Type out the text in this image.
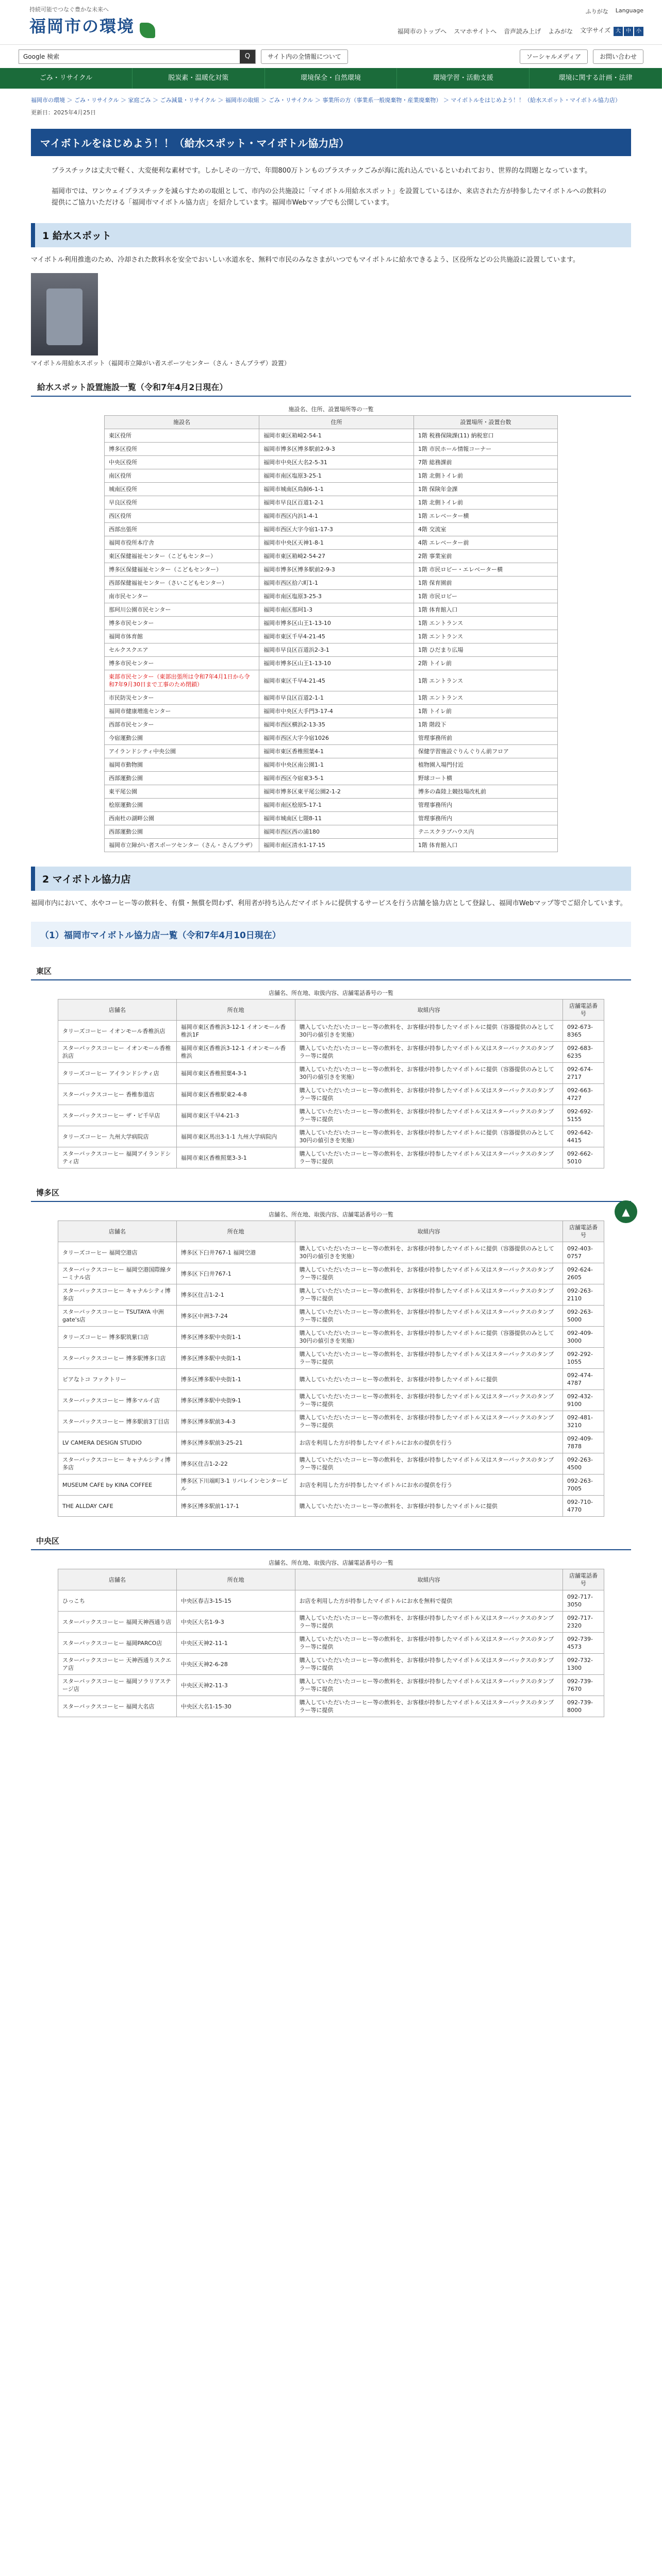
持続可能でつなぐ豊かな未来へ
福岡市の環境
ふりがな Language
福岡市のトップへ スマホサイトへ 音声読み上げ よみがな 文字サイズ 大 中 小
Google 検索	Q	サイト内の全情報について	ソーシャルメディア	お問い合わせ
ごみ・リサイクル	脱炭素・温暖化対策	環境保全・自然環境	環境学習・活動支援	環境に関する計画・法律
福岡市の環境 ＞ ごみ・リサイクル ＞ 家庭ごみ ＞ ごみ減量・リサイクル ＞ 福岡市の取組 ＞ ごみ・リサイクル ＞ 事業所の方（事業系一般廃棄物・産業廃棄物） ＞ マイボトルをはじめよう！！（給水スポット・マイボトル協力店）
更新日：2025年4月25日
マイボトルをはじめよう！！（給水スポット・マイボトル協力店）

プラスチックは丈夫で軽く、大変便利な素材です。しかしその一方で、年間800万トンものプラスチックごみが海に流れ込んでいるといわれており、世界的な問題となっています。

福岡市では、ワンウェイプラスチックを減らすための取組として、市内の公共施設に「マイボトル用給水スポット」を設置しているほか、来店された方が持参したマイボトルへの飲料の提供にご協力いただける「福岡市マイボトル協力店」を紹介しています。福岡市Webマップでも公開しています。

1 給水スポット

マイボトル利用推進のため、冷却された飲料水を安全でおいしい水道水を、無料で市民のみなさまがいつでもマイボトルに給水できるよう、区役所などの公共施設に設置しています。

マイボトル用給水スポット（福岡市立障がい者スポーツセンター（さん・さんプラザ）設置）
給水スポット設置施設一覧（令和7年4月2日現在）
施設名、住所、設置場所等の一覧
施設名	住所	設置場所・設置台数
東区役所	福岡市東区箱崎2-54-1	1階 税務保険課(11) 納税窓口
博多区役所	福岡市博多区博多駅前2-9-3	1階 市民ホール情報コーナー
中央区役所	福岡市中央区大名2-5-31	7階 総務課前
南区役所	福岡市南区塩原3-25-1	1階 北側トイレ前
城南区役所	福岡市城南区鳥飼6-1-1	1階 保険年金課
早良区役所	福岡市早良区百道1-2-1	1階 北側トイレ前
西区役所	福岡市西区内浜1-4-1	1階 エレベーター横
西部出張所	福岡市西区大字今宿1-17-3	4階 交流室
福岡市役所本庁舎	福岡市中央区天神1-8-1	4階 エレベーター前
東区保健福祉センター（こどもセンター）	福岡市東区箱崎2-54-27	2階 事業室前
博多区保健福祉センター（こどもセンター）	福岡市博多区博多駅前2-9-3	1階 市民ロビー・エレベーター横
西部保健福祉センター（さいこどもセンター）	福岡市西区拾六町1-1	1階 保育園前
南市民センター	福岡市南区塩原3-25-3	1階 市民ロビー
那珂川公園市民センター	福岡市南区那珂1-3	1階 体育館入口
博多市民センター	福岡市博多区山王1-13-10	1階 エントランス
福岡市体育館	福岡市東区千早4-21-45	1階 エントランス
セルクスクエア	福岡市早良区百道浜2-3-1	1階 ひだまり広場
博多市民センター	福岡市博多区山王1-13-10	2階 トイレ前
東部市民センター（東部出張所は令和7年4月1日から令和7年9月30日まで工事のため閉鎖）	福岡市東区千早4-21-45	1階 エントランス
市民防災センター	福岡市早良区百道2-1-1	1階 エントランス
福岡市健康増進センター	福岡市中央区大手門3-17-4	1階 トイレ前
西部市民センター	福岡市西区横浜2-13-35	1階 階段下
今宿運動公園	福岡市西区大字今宿1026	管理事務所前
アイランドシティ中央公園	福岡市東区香椎照葉4-1	保健学習施設ぐりんぐりん前フロア
福岡市動物園	福岡市中央区南公園1-1	植物園入場門付近
西部運動公園	福岡市西区今宿東3-5-1	野球コート横
東平尾公園	福岡市博多区東平尾公園2-1-2	博多の森陸上競技場改札前
桧原運動公園	福岡市南区桧原5-17-1	管理事務所内
西南杜の湖畔公園	福岡市城南区七隈8-11	管理事務所内
西部運動公園	福岡市西区西の浦180	テニスクラブハウス内
福岡市立障がい者スポーツセンター（さん・さんプラザ）	福岡市南区清水1-17-15	1階 体育館入口
2 マイボトル協力店

福岡市内において、水やコーヒー等の飲料を、有償・無償を問わず、利用者が持ち込んだマイボトルに提供するサービスを行う店舗を協力店として登録し、福岡市Webマップ等でご紹介しています。

（1）福岡市マイボトル協力店一覧（令和7年4月10日現在）
東区
店舗名、所在地、取扱内容、店舗電話番号の一覧
店舗名	所在地	取組内容	店舗電話番号
タリーズコーヒー イオンモール香椎浜店	福岡市東区香椎浜3-12-1 イオンモール香椎浜1F	購入していただいたコーヒー等の飲料を、お客様が持参したマイボトルに提供（容器提供のみとして30円の値引きを実施）	092-673-8365
スターバックスコーヒー イオンモール香椎浜店	福岡市東区香椎浜3-12-1 イオンモール香椎浜	購入していただいたコーヒー等の飲料を、お客様が持参したマイボトル又はスターバックスのタンブラー等に提供	092-683-6235
タリーズコーヒー アイランドシティ店	福岡市東区香椎照葉4-3-1	購入していただいたコーヒー等の飲料を、お客様が持参したマイボトルに提供（容器提供のみとして30円の値引きを実施）	092-674-2717
スターバックスコーヒー 香椎参道店	福岡市東区香椎駅東2-4-8	購入していただいたコーヒー等の飲料を、お客様が持参したマイボトル又はスターバックスのタンブラー等に提供	092-663-4727
スターバックスコーヒー ザ・ビ千早店	福岡市東区千早4-21-3	購入していただいたコーヒー等の飲料を、お客様が持参したマイボトル又はスターバックスのタンブラー等に提供	092-692-5155
タリーズコーヒー 九州大学病院店	福岡市東区馬出3-1-1 九州大学病院内	購入していただいたコーヒー等の飲料を、お客様が持参したマイボトルに提供（容器提供のみとして30円の値引きを実施）	092-642-4415
スターバックスコーヒー 福岡アイランドシティ店	福岡市東区香椎照葉3-3-1	購入していただいたコーヒー等の飲料を、お客様が持参したマイボトル又はスターバックスのタンブラー等に提供	092-662-5010
博多区
店舗名、所在地、取扱内容、店舗電話番号の一覧
店舗名	所在地	取組内容	店舗電話番号
タリーズコーヒー 福岡空港店	博多区下臼井767-1 福岡空港	購入していただいたコーヒー等の飲料を、お客様が持参したマイボトルに提供（容器提供のみとして30円の値引きを実施）	092-403-0757
スターバックスコーヒー 福岡空港国際線ターミナル店	博多区下臼井767-1	購入していただいたコーヒー等の飲料を、お客様が持参したマイボトル又はスターバックスのタンブラー等に提供	092-624-2605
スターバックスコーヒー キャナルシティ博多店	博多区住吉1-2-1	購入していただいたコーヒー等の飲料を、お客様が持参したマイボトル又はスターバックスのタンブラー等に提供	092-263-2110
スターバックスコーヒー TSUTAYA 中洲gate's店	博多区中洲3-7-24	購入していただいたコーヒー等の飲料を、お客様が持参したマイボトル又はスターバックスのタンブラー等に提供	092-263-5000
タリーズコーヒー 博多駅筑紫口店	博多区博多駅中央街1-1	購入していただいたコーヒー等の飲料を、お客様が持参したマイボトルに提供（容器提供のみとして30円の値引きを実施）	092-409-3000
スターバックスコーヒー 博多駅博多口店	博多区博多駅中央街1-1	購入していただいたコーヒー等の飲料を、お客様が持参したマイボトル又はスターバックスのタンブラー等に提供	092-292-1055
ピアなトコ ファクトリー	博多区博多駅中央街1-1	購入していただいたコーヒー等の飲料を、お客様が持参したマイボトルに提供	092-474-4787
スターバックスコーヒー 博多マルイ店	博多区博多駅中央街9-1	購入していただいたコーヒー等の飲料を、お客様が持参したマイボトル又はスターバックスのタンブラー等に提供	092-432-9100
スターバックスコーヒー 博多駅前3丁目店	博多区博多駅前3-4-3	購入していただいたコーヒー等の飲料を、お客様が持参したマイボトル又はスターバックスのタンブラー等に提供	092-481-3210
LV CAMERA DESIGN STUDIO	博多区博多駅前3-25-21	お店を利用した方が持参したマイボトルにお水の提供を行う	092-409-7878
スターバックスコーヒー キャナルシティ博多店	博多区住吉1-2-22	購入していただいたコーヒー等の飲料を、お客様が持参したマイボトル又はスターバックスのタンブラー等に提供	092-263-4500
MUSEUM CAFE by KINA COFFEE	博多区下川端町3-1 リバレインセンタービル	お店を利用した方が持参したマイボトルにお水の提供を行う	092-263-7005
THE ALLDAY CAFE	博多区博多駅前1-17-1	購入していただいたコーヒー等の飲料を、お客様が持参したマイボトルに提供	092-710-4770
中央区
店舗名、所在地、取扱内容、店舗電話番号の一覧
店舗名	所在地	取組内容	店舗電話番号
ひっこち	中央区春吉3-15-15	お店を利用した方が持参したマイボトルにお水を無料で提供	092-717-3050
スターバックスコーヒー 福岡天神西通り店	中央区大名1-9-3	購入していただいたコーヒー等の飲料を、お客様が持参したマイボトル又はスターバックスのタンブラー等に提供	092-717-2320
スターバックスコーヒー 福岡PARCO店	中央区天神2-11-1	購入していただいたコーヒー等の飲料を、お客様が持参したマイボトル又はスターバックスのタンブラー等に提供	092-739-4573
スターバックスコーヒー 天神西通りスクエア店	中央区天神2-6-28	購入していただいたコーヒー等の飲料を、お客様が持参したマイボトル又はスターバックスのタンブラー等に提供	092-732-1300
スターバックスコーヒー 福岡ソラリアステージ店	中央区天神2-11-3	購入していただいたコーヒー等の飲料を、お客様が持参したマイボトル又はスターバックスのタンブラー等に提供	092-739-7670
スターバックスコーヒー 福岡大名店	中央区大名1-15-30	購入していただいたコーヒー等の飲料を、お客様が持参したマイボトル又はスターバックスのタンブラー等に提供	092-739-8000
▲
